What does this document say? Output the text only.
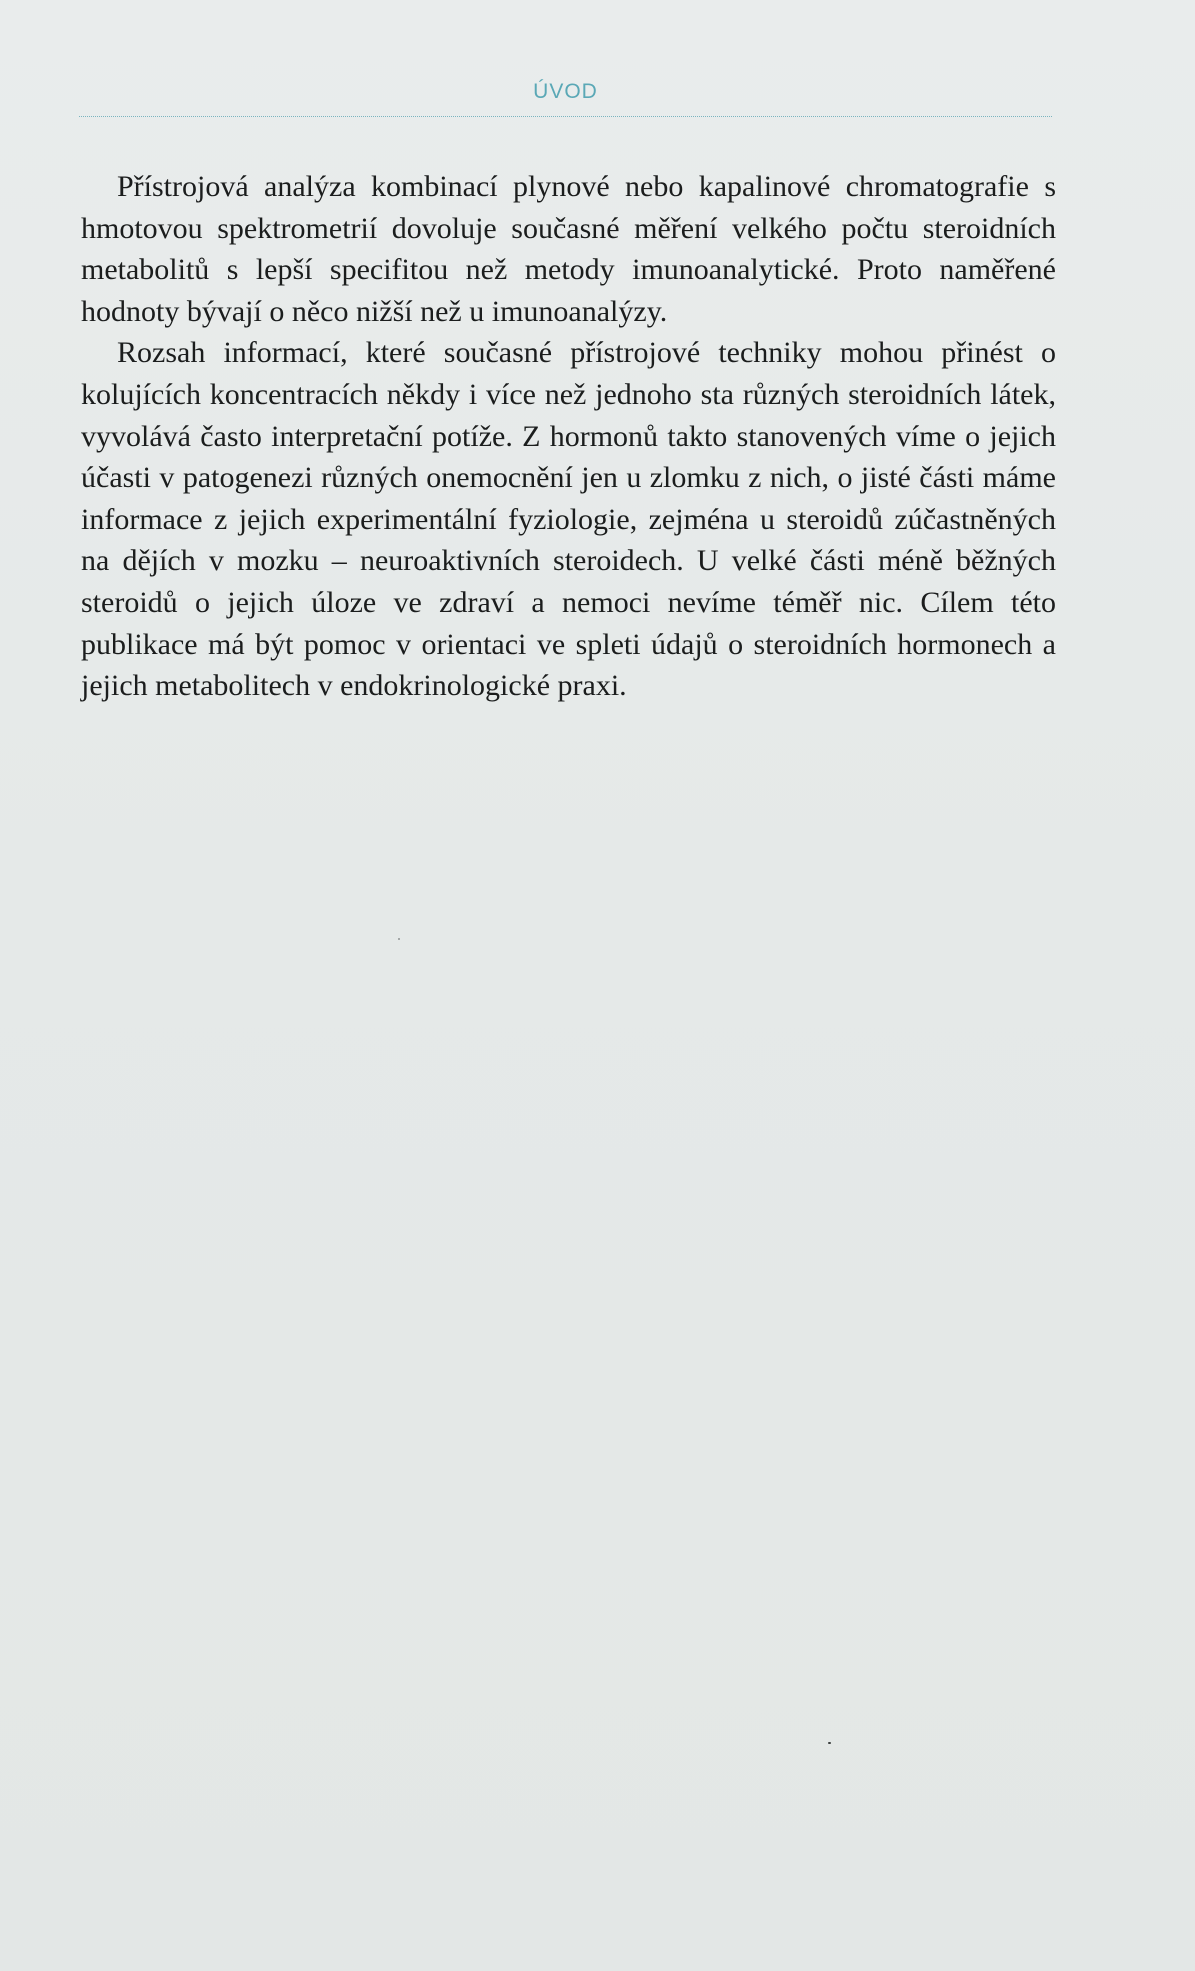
ÚVOD

Přístrojová analýza kombinací plynové nebo kapalinové chromatografie s hmotovou spektrometrií dovoluje současné měření velkého počtu steroidních metabolitů s lepší specifitou než metody imunoanalytické. Proto naměřené hodnoty bývají o něco nižší než u imunoanalýzy.

Rozsah informací, které současné přístrojové techniky mohou přinést o kolujících koncentracích někdy i více než jednoho sta různých steroidních látek, vyvolává často interpretační potíže. Z hormonů takto stanovených víme o jejich účasti v patogenezi různých onemocnění jen u zlomku z nich, o jisté části máme informace z jejich experimentální fyziologie, zejména u steroidů zúčastněných na dějích v mozku – neuroaktivních steroidech. U velké části méně běžných steroidů o jejich úloze ve zdraví a nemoci nevíme téměř nic. Cílem této publikace má být pomoc v orientaci ve spleti údajů o steroidních hormonech a jejich metabolitech v endokrinologické praxi.
